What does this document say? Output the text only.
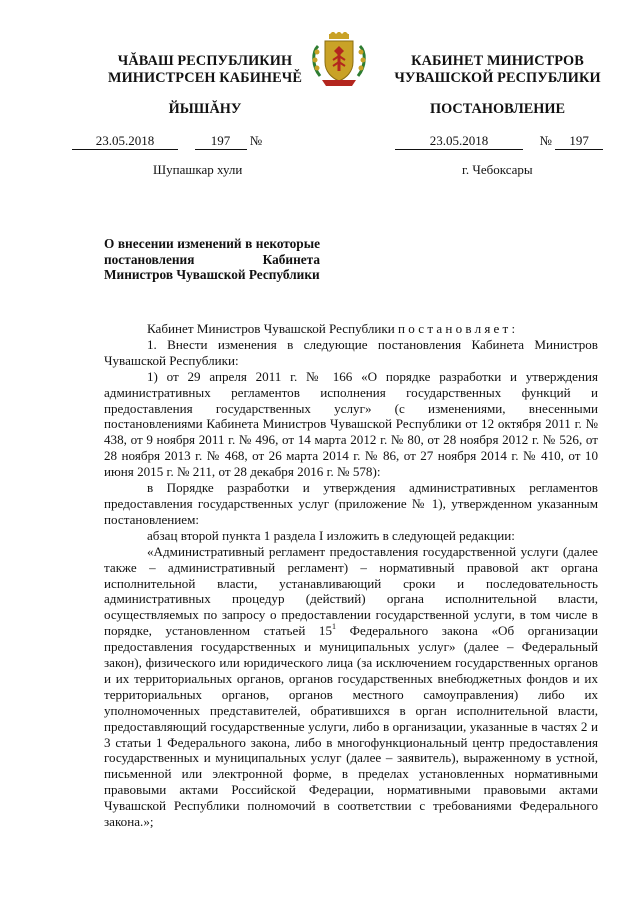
ЧĂВАШ РЕСПУБЛИКИН
МИНИСТРСЕН КАБИНЕЧĚ
ЙЫШĂНУ
КАБИНЕТ МИНИСТРОВ
ЧУВАШСКОЙ РЕСПУБЛИКИ
ПОСТАНОВЛЕНИЕ
23.05.2018	197 №	23.05.2018	№ 197
Шупашкар хули	г. Чебоксары
О внесении изменений в некоторые постановления Кабинета Министров Чувашской Республики

Кабинет Министров Чувашской Республики постановляет:

1. Внести изменения в следующие постановления Кабинета Министров Чувашской Республики:

1) от 29 апреля 2011 г. № 166 «О порядке разработки и утверждения административных регламентов исполнения государственных функций и предоставления государственных услуг» (с изменениями, внесенными постановлениями Кабинета Министров Чувашской Республики от 12 октября 2011 г. № 438, от 9 ноября 2011 г. № 496, от 14 марта 2012 г. № 80, от 28 ноября 2012 г. № 526, от 28 ноября 2013 г. № 468, от 26 марта 2014 г. № 86, от 27 ноября 2014 г. № 410, от 10 июня 2015 г. № 211, от 28 декабря 2016 г. № 578):

в Порядке разработки и утверждения административных регламентов предоставления государственных услуг (приложение № 1), утвержденном указанным постановлением:

абзац второй пункта 1 раздела I изложить в следующей редакции:

«Административный регламент предоставления государственной услуги (далее также – административный регламент) – нормативный правовой акт органа исполнительной власти, устанавливающий сроки и последовательность административных процедур (действий) органа исполнительной власти, осуществляемых по запросу о предоставлении государственной услуги, в том числе в порядке, установленном статьей $15^1$ Федерального закона «Об организации предоставления государственных и муниципальных услуг» (далее – Федеральный закон), физического или юридического лица (за исключением государственных органов и их территориальных органов, органов государственных внебюджетных фондов и их территориальных органов, органов местного самоуправления) либо их уполномоченных представителей, обратившихся в орган исполнительной власти, предоставляющий государственные услуги, либо в организации, указанные в частях 2 и 3 статьи 1 Федерального закона, либо в многофункциональный центр предоставления государственных и муниципальных услуг (далее – заявитель), выраженному в устной, письменной или электронной форме, в пределах установленных нормативными правовыми актами Российской Федерации, нормативными правовыми актами Чувашской Республики полномочий в соответствии с требованиями Федерального закона.»;
